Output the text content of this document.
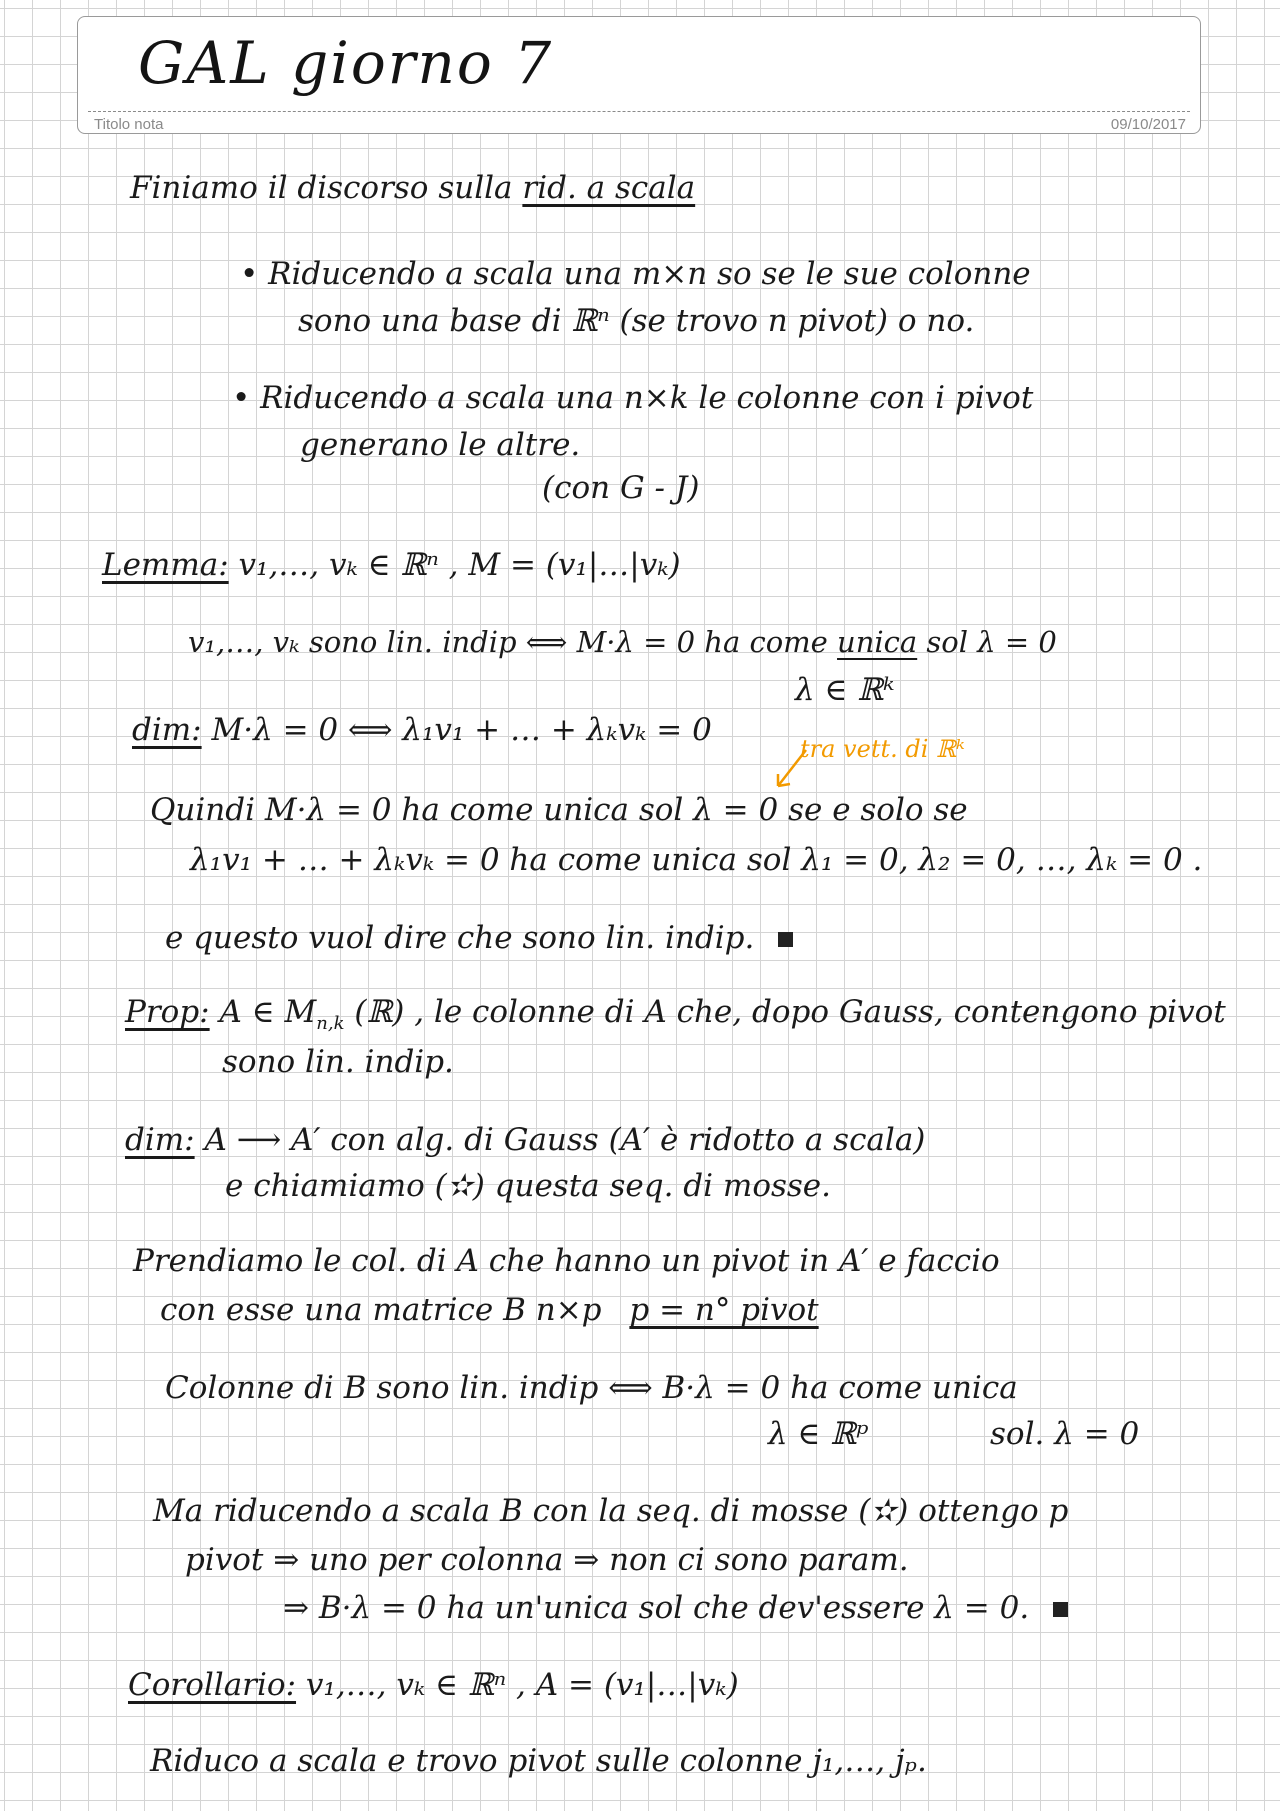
GAL giorno 7
Titolo nota	09/10/2017
Finiamo il discorso sulla rid. a scala
• Riducendo a scala una m×n so se le sue colonne
sono una base di ℝⁿ (se trovo n pivot) o no.
• Riducendo a scala una n×k le colonne con i pivot
generano le altre.
(con G - J)
Lemma: v₁,…, vₖ ∈ ℝⁿ , M = (v₁|…|vₖ)
v₁,…, vₖ sono lin. indip ⟺ M·λ = 0 ha come unica sol λ = 0
λ ∈ ℝᵏ
dim: M·λ = 0 ⟺ λ₁v₁ + … + λₖvₖ = 0
tra vett. di ℝᵏ
Quindi M·λ = 0 ha come unica sol λ = 0 se e solo se
λ₁v₁ + … + λₖvₖ = 0 ha come unica sol λ₁ = 0, λ₂ = 0, …, λₖ = 0 .
e questo vuol dire che sono lin. indip.
Prop: A ∈ $M_{n,k}$ (ℝ) , le colonne di A che, dopo Gauss, contengono pivot
sono lin. indip.
dim: A ⟶ A′ con alg. di Gauss (A′ è ridotto a scala)
e chiamiamo (✫) questa seq. di mosse.
Prendiamo le col. di A che hanno un pivot in A′ e faccio
con esse una matrice B n×p p = n° pivot
Colonne di B sono lin. indip ⟺ B·λ = 0 ha come unica
λ ∈ ℝᵖ	sol. λ = 0
Ma riducendo a scala B con la seq. di mosse (✫) ottengo p
pivot ⇒ uno per colonna ⇒ non ci sono param.
⇒ B·λ = 0 ha un'unica sol che dev'essere λ = 0.
Corollario: v₁,…, vₖ ∈ ℝⁿ , A = (v₁|…|vₖ)
Riduco a scala e trovo pivot sulle colonne j₁,…, jₚ.
